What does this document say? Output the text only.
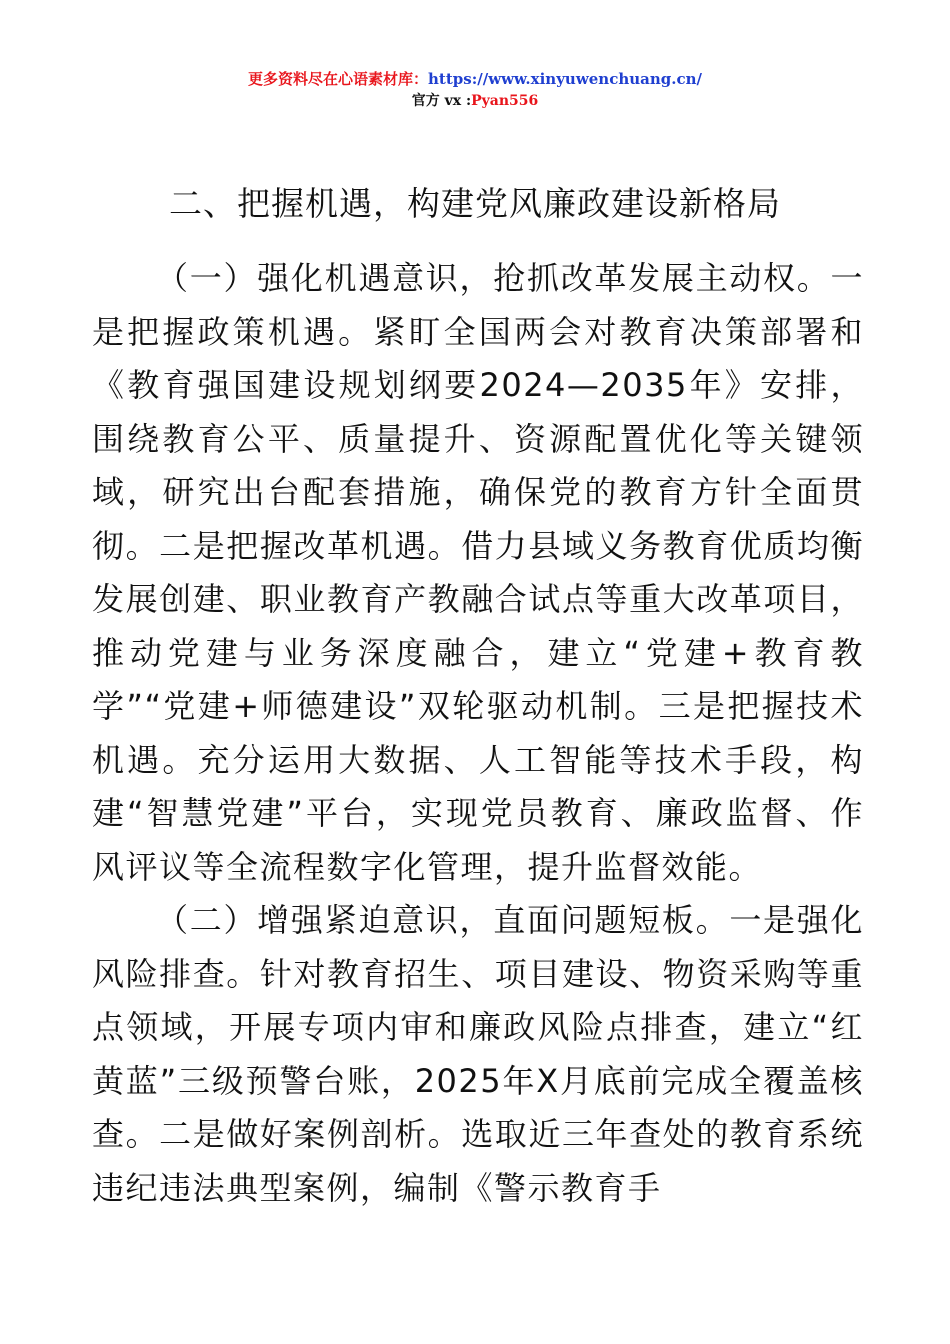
更多资料尽在心语素材库：https://www.xinyuwenchuang.cn/
官方 vx :Pyan556
二、把握机遇，构建党风廉政建设新格局

（一）强化机遇意识，抢抓改革发展主动权。一是把握政策机遇。紧盯全国两会对教育决策部署和《教育强国建设规划纲要2024—2035年》安排，围绕教育公平、质量提升、资源配置优化等关键领域，研究出台配套措施，确保党的教育方针全面贯彻。二是把握改革机遇。借力县域义务教育优质均衡发展创建、职业教育产教融合试点等重大改革项目，推动党建与业务深度融合，建立“党建+教育教学”“党建+师德建设”双轮驱动机制。三是把握技术机遇。充分运用大数据、人工智能等技术手段，构建“智慧党建”平台，实现党员教育、廉政监督、作风评议等全流程数字化管理，提升监督效能。

（二）增强紧迫意识，直面问题短板。一是强化风险排查。针对教育招生、项目建设、物资采购等重点领域，开展专项内审和廉政风险点排查，建立“红黄蓝”三级预警台账，2025年X月底前完成全覆盖核查。二是做好案例剖析。选取近三年查处的教育系统违纪违法典型案例，编制《警示教育手
